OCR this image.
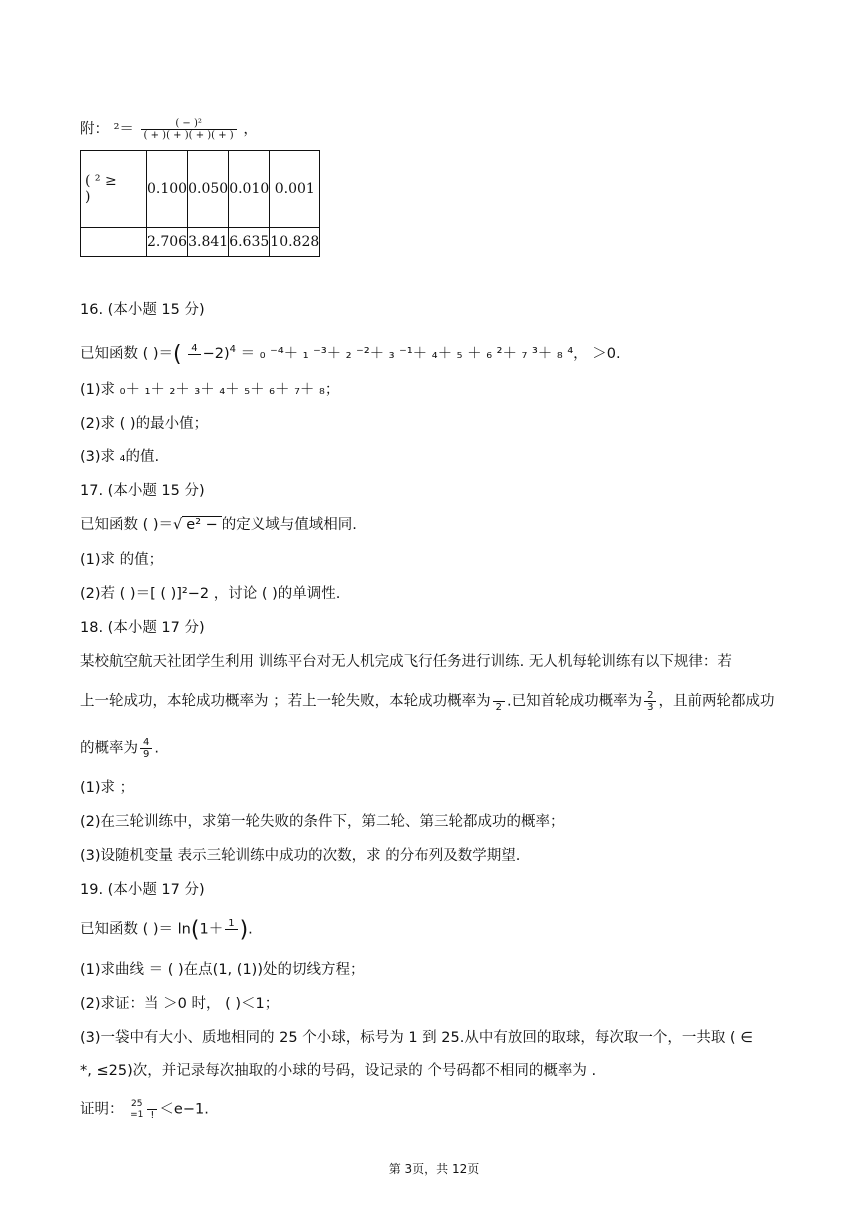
附： $^2= \frac{\text{( − )²}}{( + )( + )( + )( + )}$ ，
( ² ≥
)	0.100	0.050	0.010	0.001
	2.706	3.841	6.635	10.828
16. (本小题 15 分)
已知函数 ( )＝( 4
−2)$^4$ ＝ ₀ ⁻⁴＋ ₁ ⁻³＋ ₂ ⁻²＋ ₃ ⁻¹＋ ₄＋ ₅ ＋ ₆ ²＋ ₇ ³＋ ₈ ⁴， ＞0.
(1)求 ₀＋ ₁＋ ₂＋ ₃＋ ₄＋ ₅＋ ₆＋ ₇＋ ₈；
(2)求 ( )的最小值；
(3)求 ₄的值.
17. (本小题 15 分)
已知函数 ( )＝√ e² − 的定义域与值域相同.
(1)求 的值；
(2)若 ( )＝[ ( )]²−2 ，讨论 ( )的单调性.
18. (本小题 17 分)
某校航空航天社团学生利用 训练平台对无人机完成飞行任务进行训练. 无人机每轮训练有以下规律：若
上一轮成功，本轮成功概率为 ；若上一轮失败，本轮成功概率为
2 .已知首轮成功概率为 $\frac{2}{3}$ ，且前两轮都成功
的概率为 $\frac{4}{9}$ .
(1)求 ；
(2)在三轮训练中，求第一轮失败的条件下，第二轮、第三轮都成功的概率；
(3)设随机变量 表示三轮训练中成功的次数，求 的分布列及数学期望.
19. (本小题 17 分)
已知函数 ( )＝ ln(1＋ 1
).
(1)求曲线 ＝ ( )在点(1, (1))处的切线方程；
(2)求证：当 ＞0 时， ( )＜1；
(3)一袋中有大小、质地相同的 25 个小球，标号为 1 到 25.从中有放回的取球，每次取一个，一共取 ( ∈
*, ≤25)次，并记录每次抽取的小球的号码，设记录的 个号码都不相同的概率为 .
证明： 25
=1
! ＜e−1.
第 3页，共 12页
